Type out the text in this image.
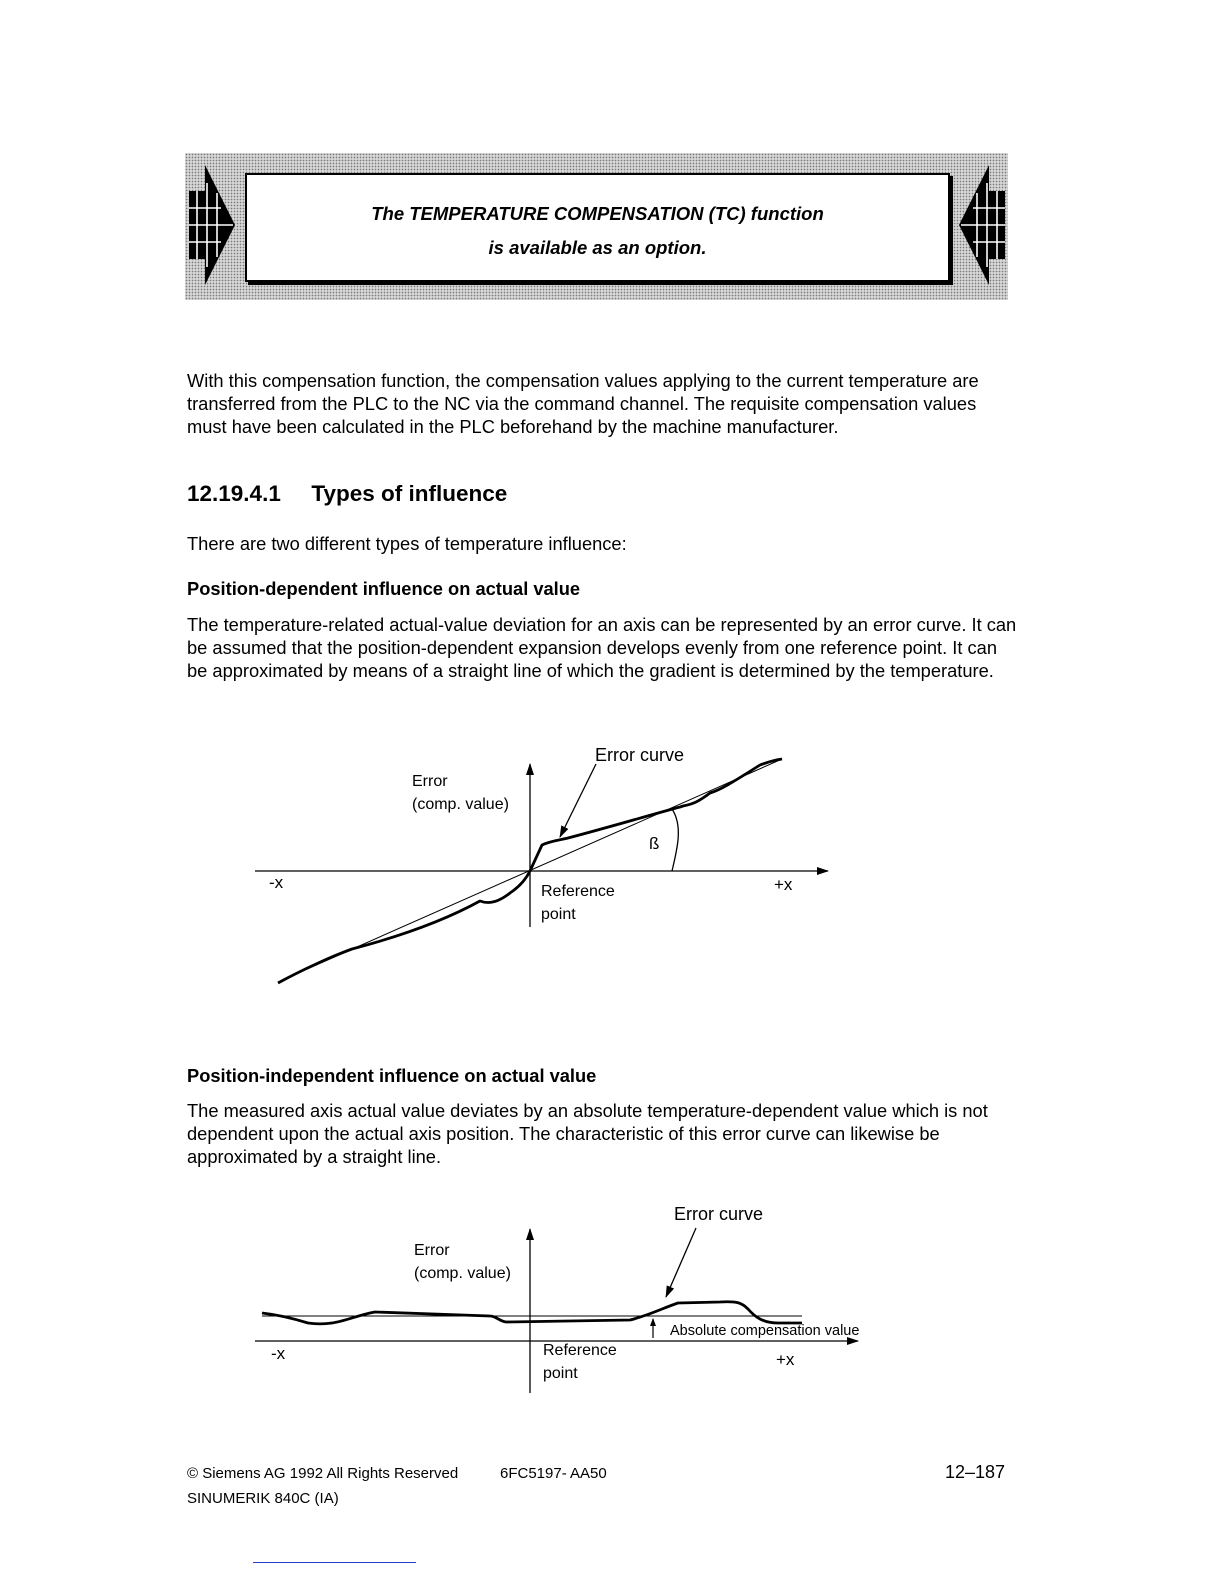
The TEMPERATURE COMPENSATION (TC) function
is available as an option.
With this compensation function, the compensation values applying to the current temperature are transferred from the PLC to the NC via the command channel. The requisite compensation values must have been calculated in the PLC beforehand by the machine manufacturer.
12.19.4.1 Types of influence
There are two different types of temperature influence:
Position-dependent influence on actual value
The temperature-related actual-value deviation for an axis can be represented by an error curve. It can be assumed that the position-dependent expansion develops evenly from one reference point. It can be approximated by means of a straight line of which the gradient is determined by the temperature.
Error curve
Error
(comp. value)
ß
-x	+x
Reference
point
Position-independent influence on actual value
The measured axis actual value deviates by an absolute temperature-dependent value which is not dependent upon the actual axis position. The characteristic of this error curve can likewise be approximated by a straight line.
Error curve
Error
(comp. value)
Absolute compensation value
-x	+x
Reference
point
© Siemens AG 1992 All Rights Reserved	6FC5197- AA50
SINUMERIK 840C (IA)
12–187
